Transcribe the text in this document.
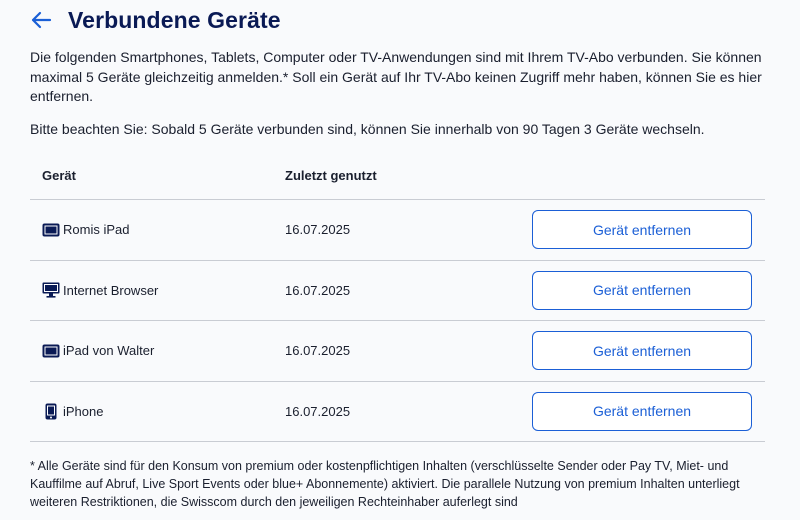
Verbundene Geräte

Die folgenden Smartphones, Tablets, Computer oder TV-Anwendungen sind mit Ihrem TV-Abo verbunden. Sie können maximal 5 Geräte gleichzeitig anmelden.* Soll ein Gerät auf Ihr TV-Abo keinen Zugriff mehr haben, können Sie es hier entfernen.

Bitte beachten Sie: Sobald 5 Geräte verbunden sind, können Sie innerhalb von 90 Tagen 3 Geräte wechseln.

Gerät	Zuletzt genutzt
Romis iPad	16.07.2025	Gerät entfernen
Internet Browser	16.07.2025	Gerät entfernen
iPad von Walter	16.07.2025	Gerät entfernen
iPhone	16.07.2025	Gerät entfernen

* Alle Geräte sind für den Konsum von premium oder kostenpflichtigen Inhalten (verschlüsselte Sender oder Pay TV, Miet- und Kauffilme auf Abruf, Live Sport Events oder blue+ Abonnemente) aktiviert. Die parallele Nutzung von premium Inhalten unterliegt weiteren Restriktionen, die Swisscom durch den jeweiligen Rechteinhaber auferlegt sind
